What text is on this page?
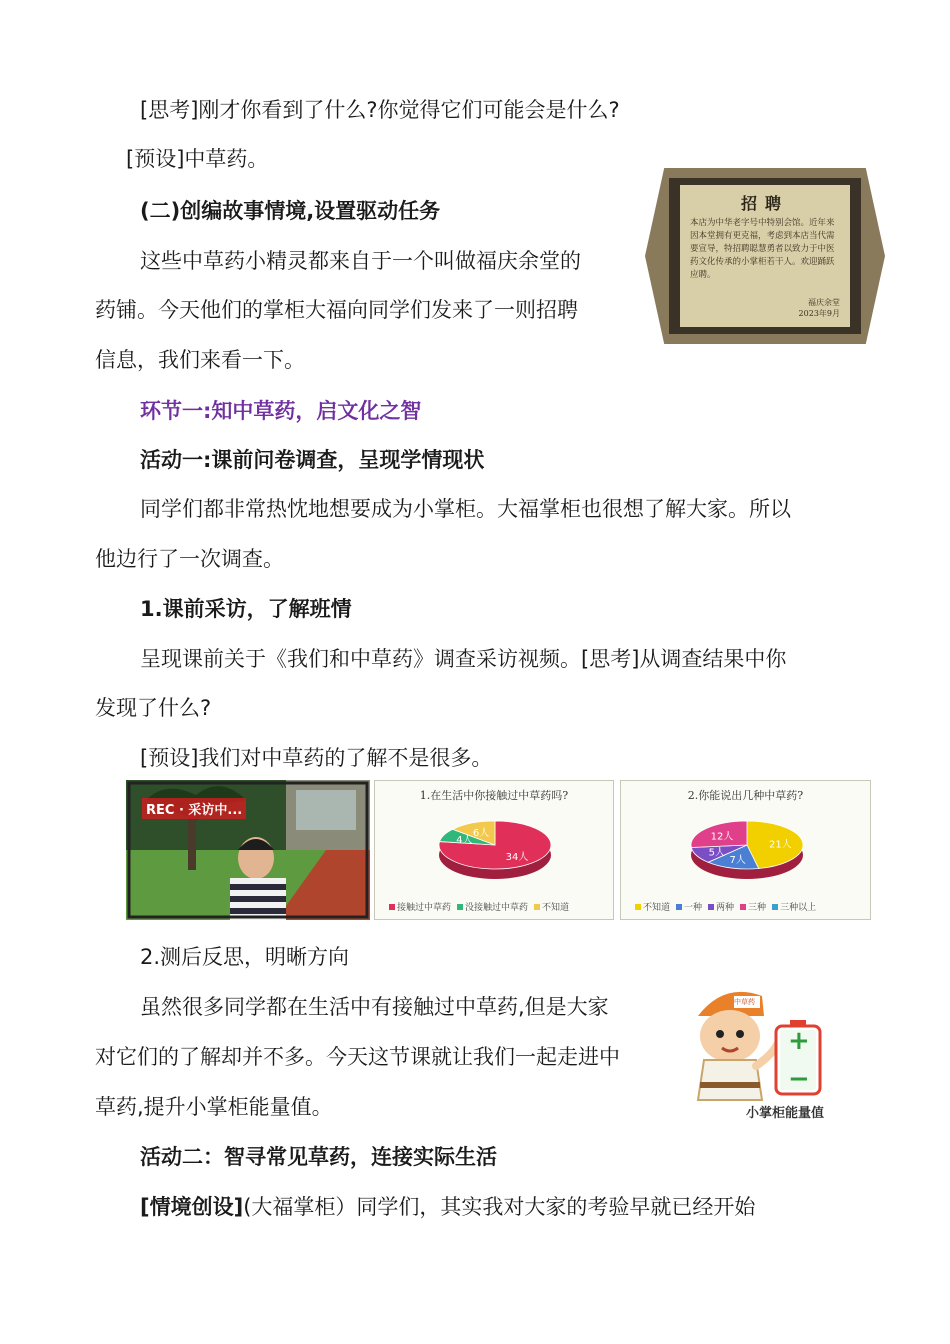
[思考]刚才你看到了什么?你觉得它们可能会是什么?
[预设]中草药。
(二)创编故事情境,设置驱动任务
这些中草药小精灵都来自于一个叫做福庆余堂的
药铺。今天他们的掌柜大福向同学们发来了一则招聘
信息，我们来看一下。
招聘
本店为中华老字号中特别会馆。近年来因本堂拥有更克福，考虑到本店当代需要宣导，特招聘聪慧勇者以致力于中医药文化传承的小掌柜若干人。欢迎踊跃应聘。
福庆余堂
2023年9月
环节一:知中草药，启文化之智
活动一:课前问卷调查，呈现学情现状
同学们都非常热忱地想要成为小掌柜。大福掌柜也很想了解大家。所以
他边行了一次调查。
1.课前采访，了解班情
呈现课前关于《我们和中草药》调查采访视频。[思考]从调查结果中你
发现了什么?
[预设]我们对中草药的了解不是很多。
REC · 采访中...
1.在生活中你接触过中草药吗?
34人
4人
6人
接触过中草药 没接触过中草药 不知道
2.你能说出几种中草药?
21人
7人
5人
12人
不知道 一种 两种 三种 三种以上
2.测后反思，明晰方向
虽然很多同学都在生活中有接触过中草药,但是大家
对它们的了解却并不多。今天这节课就让我们一起走进中
草药,提升小掌柜能量值。
+
−
中草药
小掌柜能量值
活动二：智寻常见草药，连接实际生活
[情境创设](大福掌柜）同学们，其实我对大家的考验早就已经开始
